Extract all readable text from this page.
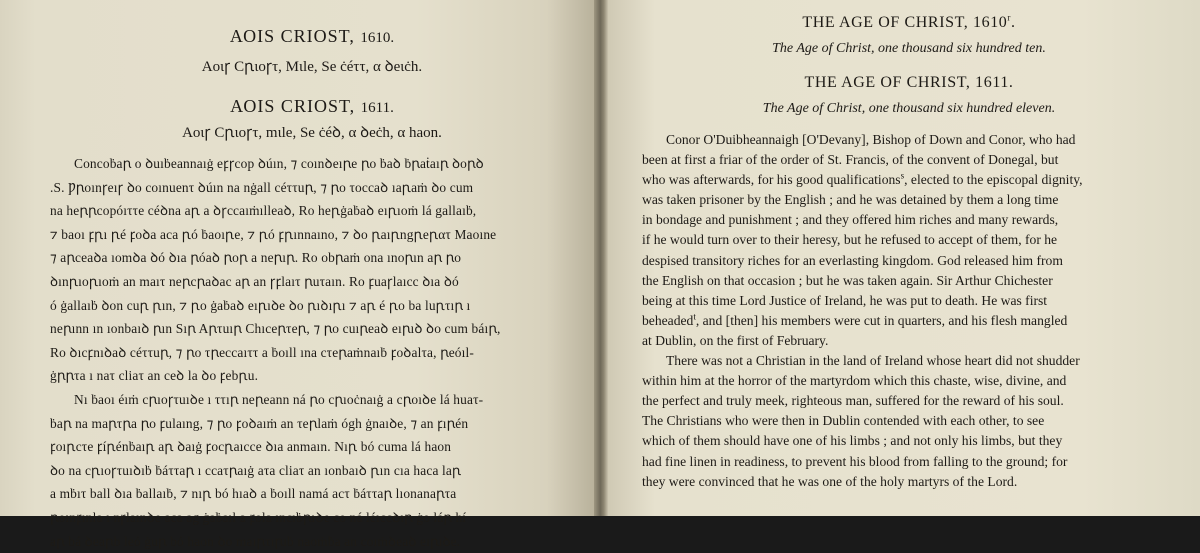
ΑΟΙS CRΙΟSΤ, 1610.
Αοιꞅ Cꞃιoꞅτ, Mιle, Se ċéττ, α ꝺeιċh.
ΑΟΙS CRΙΟSΤ, 1611.
Αοιꞅ Cꞃιoꞅτ, mιle, Se ċéꝺ, α ꝺeċh, α haon.

Concoḃaꞃ o ꝺuıḃeannaıġ eꝼꞅcop ꝺúın, ⁊ coınꝺeıꞃe ꞃo ḃaꝺ ḃꞃaṫaıꞃ ꝺoꞃꝺ
.S. Ƿꞃoınꞅeıꞅ ꝺo coınuenτ ꝺúın na nġall céττuꞃ, ⁊ ꞃo τoccaꝺ ıaꞃaṁ ꝺo cum
na heꞃꞃcopóıττe céꝺna aꞃ a ꝺꞅccaıṁılleaꝺ, Ro heꞃġaḃaꝺ eıꞃıoṁ lá gallaıḃ,
⁊ baoı ꝼꞃı ꞃé ꝼoꝺa aca ꞃó ḃaoıꞃe, ⁊ ꞃó ꝼꞃınnaıno, ⁊ ꝺo ꞃaıꞃngꞃeꞃατ Maoıne
⁊ aꞃceaꝺa ıomꝺa ꝺó ꝺıa ꞃóaꝺ ꞃoꞃ a neꞃıꞃ. Ro obꞃaṁ ona ınoꞃın aꞃ ꞃo
ꝺınꞃıoꞃıoṁ an maıτ neꞃcꞃaꝺac aꞃ an ꞅꝼlaıτ ꞃuτaın. Ro ꝼuaꞅlaıcc ꝺıa ꝺó
ó ġallaıḃ ꝺon cuꞃ ꞃın, ⁊ ꞃo ġaḃaꝺ eıꞃıꝺe ꝺo ꞃıꝺıꞃı ⁊ aꞃ é ꞃo ba luꞃτıꞃ ı
neꞃınn ın ıonbaıꝺ ꞃın Sıꞃ Aꞃτuıꞃ Chıceꞃτeꞃ, ⁊ ꞃo cuıꞃeaꝺ eıꞃıꝺ ꝺo cum báıꞃ,
Ro ꝺıcꝼnıꝺaꝺ céττuꞃ, ⁊ ꞃo τꞃeccaıττ a ḃoıll ına cτeꞃaṁnaıḃ ꝼoꝺalτa, ꞃeóıl-
ġꞃꞃτa ı naτ cliaτ an ceꝺ la ꝺo ꝼebꞃu.

Nı ḃaoı éıṁ cꞃıoꞅτuıꝺe ı ττıꞃ neꞃeann ná ꞃo cꞃıoċnaıġ a cꞃoıꝺe lá huaτ-
ḃaꞃ na maꞃτꞃa ꞃo ꝼulaıng, ⁊ ꞃo ꝼoꝺaıṁ an τeꞃlaṁ ógh ġnaıꝺe, ⁊ an ꝼıꞃén
ꝼoıꞃcτe ꝼíꞃénḃaıꞃ aꞃ ꝺaıġ ꝼocꞃaıcce ꝺıa anmaın. Nıꞃ bó cuma lá haon
ꝺo na cꞃıoꞅτuıꝺıḃ ḃáττaꞃ ı ccaτꞃaıġ aτa cliaτ an ıonbaıꝺ ꞃın cıa haca laꞃ
a mḃıτ ball ꝺıa ḃallaıḃ, ⁊ nıꞃ bó hıaꝺ a ḃoıll namá acτ ḃáττaꞃ lıonanaꞃτa
ꞃoınꝼınla ı nꞅlaınꝺe aca ag ġaḃaıl a ꝼola ıncıḃꞃıꝺe co ná léıccꝺıꞃ ġo láꞃ hí
aꞃ bá ꝺeaꞃb leó ġuꞃ bó haon ꝺo maıꞃτıꞃıḃ naoṁḃa an coıṁꝺeaꝺ eıꞃıꝺe.

THE AGE OF CHRIST, 1610$^r$.
The Age of Christ, one thousand six hundred ten.
THE AGE OF CHRIST, 1611.
The Age of Christ, one thousand six hundred eleven.

Conor O'Duibheannaigh [O'Devany], Bishop of Down and Conor, who had
been at first a friar of the order of St. Francis, of the convent of Donegal, but
who was afterwards, for his good qualifications$^s$, elected to the episcopal dignity,
was taken prisoner by the English ; and he was detained by them a long time
in bondage and punishment ; and they offered him riches and many rewards,
if he would turn over to their heresy, but he refused to accept of them, for he
despised transitory riches for an everlasting kingdom. God released him from
the English on that occasion ; but he was taken again. Sir Arthur Chichester
being at this time Lord Justice of Ireland, he was put to death. He was first
beheaded$^t$, and [then] his members were cut in quarters, and his flesh mangled
at Dublin, on the first of February.

There was not a Christian in the land of Ireland whose heart did not shudder
within him at the horror of the martyrdom which this chaste, wise, divine, and
the perfect and truly meek, righteous man, suffered for the reward of his soul.
The Christians who were then in Dublin contended with each other, to see
which of them should have one of his limbs ; and not only his limbs, but they
had fine linen in readiness, to prevent his blood from falling to the ground; for
they were convinced that he was one of the holy martyrs of the Lord.
